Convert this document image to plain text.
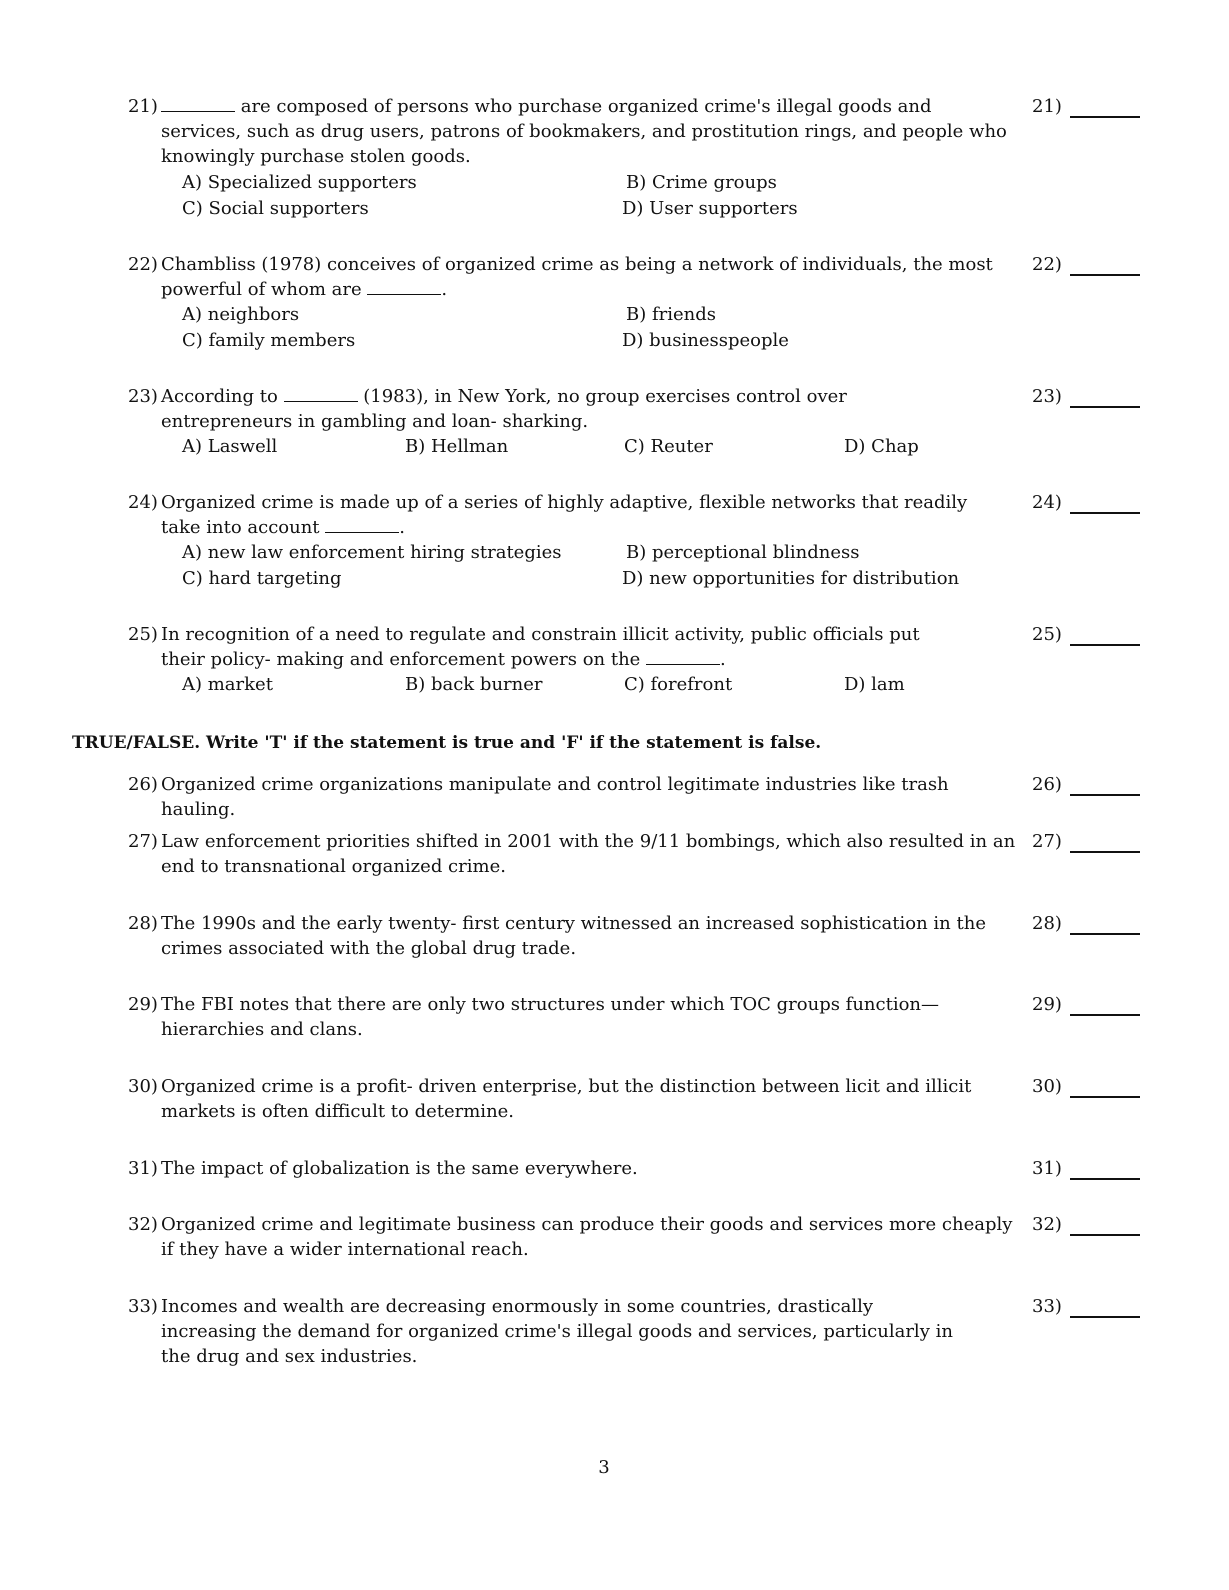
21)	are composed of persons who purchase organized crime's illegal goods and services, such as drug users, patrons of bookmakers, and prostitution rings, and people who knowingly purchase stolen goods.
21)
A) Specialized supporters	B) Crime groups
C) Social supporters	D) User supporters
22) Chambliss (1978) conceives of organized crime as being a network of individuals, the most powerful of whom are	.
22)
A) neighbors	B) friends
C) family members	D) businesspeople
23) According to	(1983), in New York, no group exercises control over entrepreneurs in gambling and loan- sharking.
23)
A) Laswell	B) Hellman	C) Reuter	D) Chap
24) Organized crime is made up of a series of highly adaptive, flexible networks that readily take into account	.
24)
A) new law enforcement hiring strategies	B) perceptional blindness
C) hard targeting	D) new opportunities for distribution
25) In recognition of a need to regulate and constrain illicit activity, public officials put their policy- making and enforcement powers on the	.
25)
A) market	B) back burner	C) forefront	D) lam
TRUE/FALSE. Write 'T' if the statement is true and 'F' if the statement is false.
26) Organized crime organizations manipulate and control legitimate industries like trash hauling.
26)
27) Law enforcement priorities shifted in 2001 with the 9/11 bombings, which also resulted in an end to transnational organized crime.
27)
28) The 1990s and the early twenty- first century witnessed an increased sophistication in the crimes associated with the global drug trade.
28)
29) The FBI notes that there are only two structures under which TOC groups function—hierarchies and clans.
29)
30) Organized crime is a profit- driven enterprise, but the distinction between licit and illicit markets is often difficult to determine.
30)
31) The impact of globalization is the same everywhere.	31)
32) Organized crime and legitimate business can produce their goods and services more cheaply if they have a wider international reach.
32)
33) Incomes and wealth are decreasing enormously in some countries, drastically increasing the demand for organized crime's illegal goods and services, particularly in the drug and sex industries.
33)
3
